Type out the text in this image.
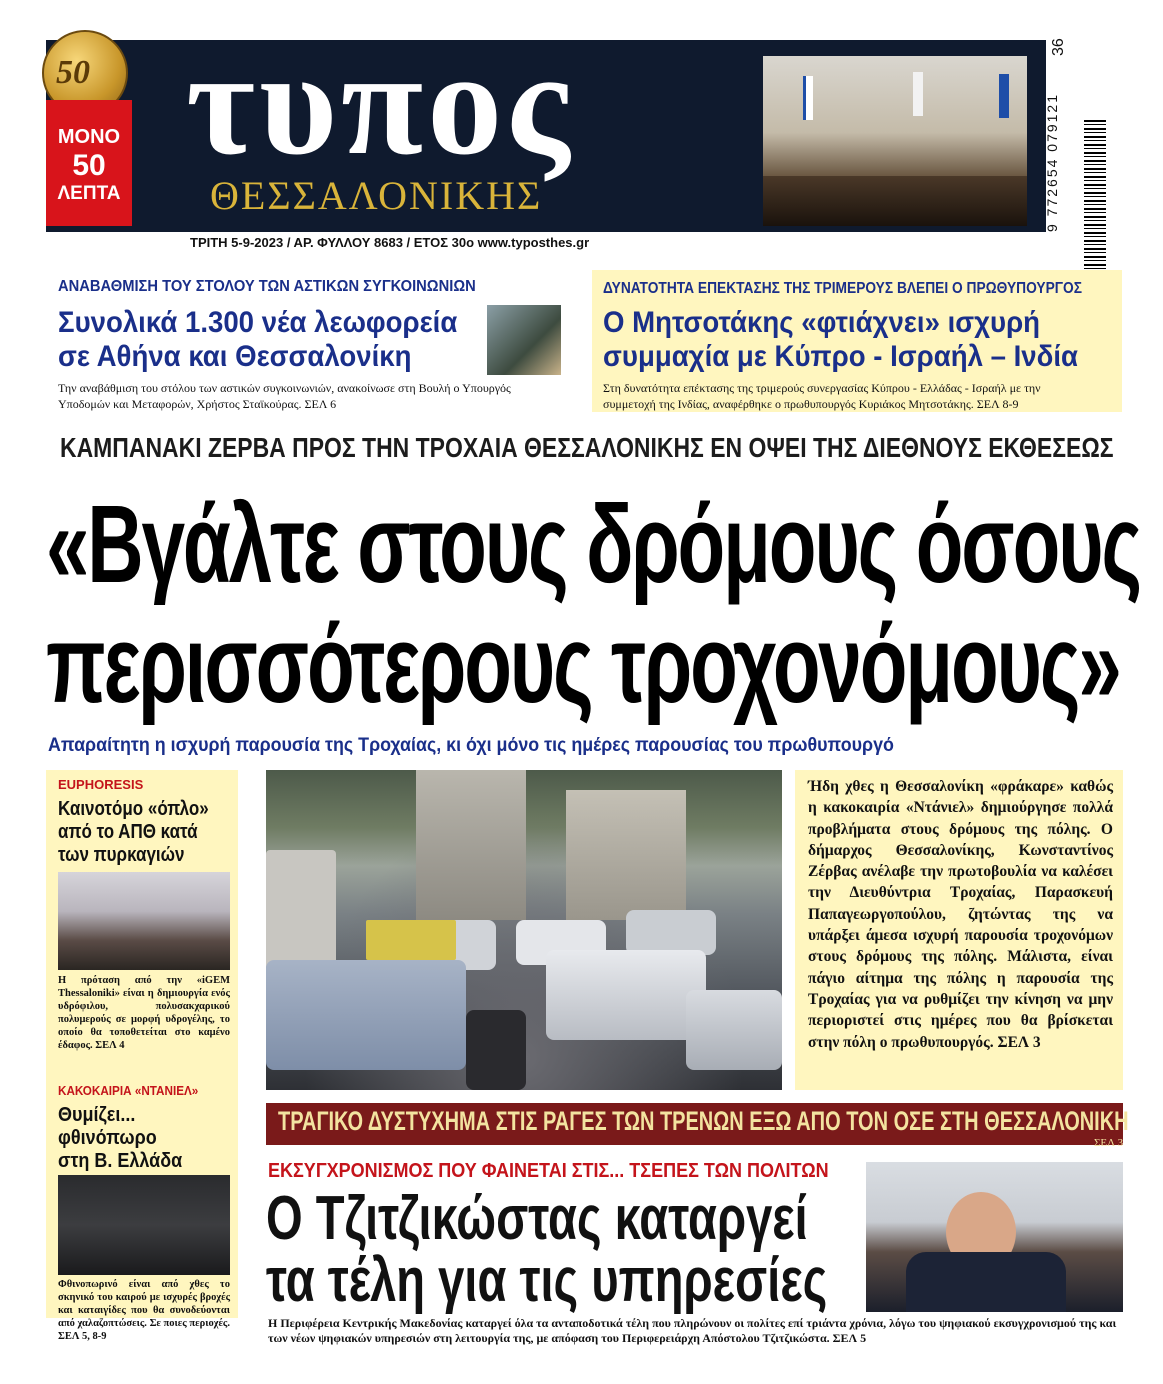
50
ΜΟΝΟ
50
ΛΕΠΤΑ
τυπος
ΘΕΣΣΑΛΟΝΙΚΗΣ
36
9 772654 079121
ΤΡΙΤΗ 5-9-2023 / ΑΡ. ΦΥΛΛΟΥ 8683 / ΕΤΟΣ 30ο www.typosthes.gr
ΑΝΑΒΑΘΜΙΣΗ ΤΟΥ ΣΤΟΛΟΥ ΤΩΝ ΑΣΤΙΚΩΝ ΣΥΓΚΟΙΝΩΝΙΩΝ
Συνολικά 1.300 νέα λεωφορεία
σε Αθήνα και Θεσσαλονίκη
Την αναβάθμιση του στόλου των αστικών συγκοινωνιών, ανακοίνωσε στη Βουλή ο Υπουργός
Υποδομών και Μεταφορών, Χρήστος Σταϊκούρας. ΣΕΛ 6
ΔΥΝΑΤΟΤΗΤΑ ΕΠΕΚΤΑΣΗΣ ΤΗΣ ΤΡΙΜΕΡΟΥΣ ΒΛΕΠΕΙ Ο ΠΡΩΘΥΠΟΥΡΓΟΣ
Ο Μητσοτάκης «φτιάχνει» ισχυρή
συμμαχία με Κύπρο - Ισραήλ – Ινδία
Στη δυνατότητα επέκτασης της τριμερούς συνεργασίας Κύπρου - Ελλάδας - Ισραήλ με την
συμμετοχή της Ινδίας, αναφέρθηκε ο πρωθυπουργός Κυριάκος Μητσοτάκης. ΣΕΛ 8-9
ΚΑΜΠΑΝΑΚΙ ΖΕΡΒΑ ΠΡΟΣ ΤΗΝ ΤΡΟΧΑΙΑ ΘΕΣΣΑΛΟΝΙΚΗΣ ΕΝ ΟΨΕΙ ΤΗΣ ΔΙΕΘΝΟΥΣ ΕΚΘΕΣΕΩΣ
«Βγάλτε στους δρόμους όσους
περισσότερους τροχονόμους»
Απαραίτητη η ισχυρή παρουσία της Τροχαίας, κι όχι μόνο τις ημέρες παρουσίας του πρωθυπουργό
EUPHORESIS
Καινοτόμο «όπλο»
από το ΑΠΘ κατά
των πυρκαγιών
Η πρόταση από την «iGEM Thessaloniki» είναι η δημιουργία ενός υδρόφιλου, πολυσακχαρικού πολυμερούς σε μορφή υδρογέλης, το οποίο θα τοποθετείται στο καμένο έδαφος. ΣΕΛ 4
ΚΑΚΟΚΑΙΡΙΑ «ΝΤΑΝΙΕΛ»
Θυμίζει...
φθινόπωρο
στη Β. Ελλάδα
Φθινοπωρινό είναι από χθες το σκηνικό του καιρού με ισχυρές βροχές και καταιγίδες που θα συνοδεύονται από χαλαζοπτώσεις. Σε ποιες περιοχές. ΣΕΛ 5, 8-9
Ήδη χθες η Θεσσαλονίκη «φράκαρε» καθώς η κακοκαιρία «Ντάνιελ» δημιούργησε πολλά προβλήματα στους δρόμους της πόλης. Ο δήμαρχος Θεσσαλονίκης, Κωνσταντίνος Ζέρβας ανέλαβε την πρωτοβουλία να καλέσει την Διευθύντρια Τροχαίας, Παρασκευή Παπαγεωργοπούλου, ζητώντας της να υπάρξει άμεσα ισχυρή παρουσία τροχονόμων στους δρόμους της πόλης. Μάλιστα, είναι πάγιο αίτημα της πόλης η παρουσία της Τροχαίας για να ρυθμίζει την κίνηση να μην περιοριστεί στις ημέρες που θα βρίσκεται στην πόλη ο πρωθυπουργός. ΣΕΛ 3
ΤΡΑΓΙΚΟ ΔΥΣΤΥΧΗΜΑ ΣΤΙΣ ΡΑΓΕΣ ΤΩΝ ΤΡΕΝΩΝ ΕΞΩ ΑΠΟ ΤΟΝ ΟΣΕ ΣΤΗ ΘΕΣΣΑΛΟΝΙΚΗ
ΣΕΛ 3
ΕΚΣΥΓΧΡΟΝΙΣΜΟΣ ΠΟΥ ΦΑΙΝΕΤΑΙ ΣΤΙΣ... ΤΣΕΠΕΣ ΤΩΝ ΠΟΛΙΤΩΝ
Ο Τζιτζικώστας καταργεί
τα τέλη για τις υπηρεσίες
Η Περιφέρεια Κεντρικής Μακεδονίας καταργεί όλα τα ανταποδοτικά τέλη που πληρώνουν οι πολίτες επί τριάντα χρόνια, λόγω του ψηφιακού εκσυγχρονισμού της και των νέων ψηφιακών υπηρεσιών στη λειτουργία της, με απόφαση του Περιφερειάρχη Απόστολου Τζιτζικώστα. ΣΕΛ 5
